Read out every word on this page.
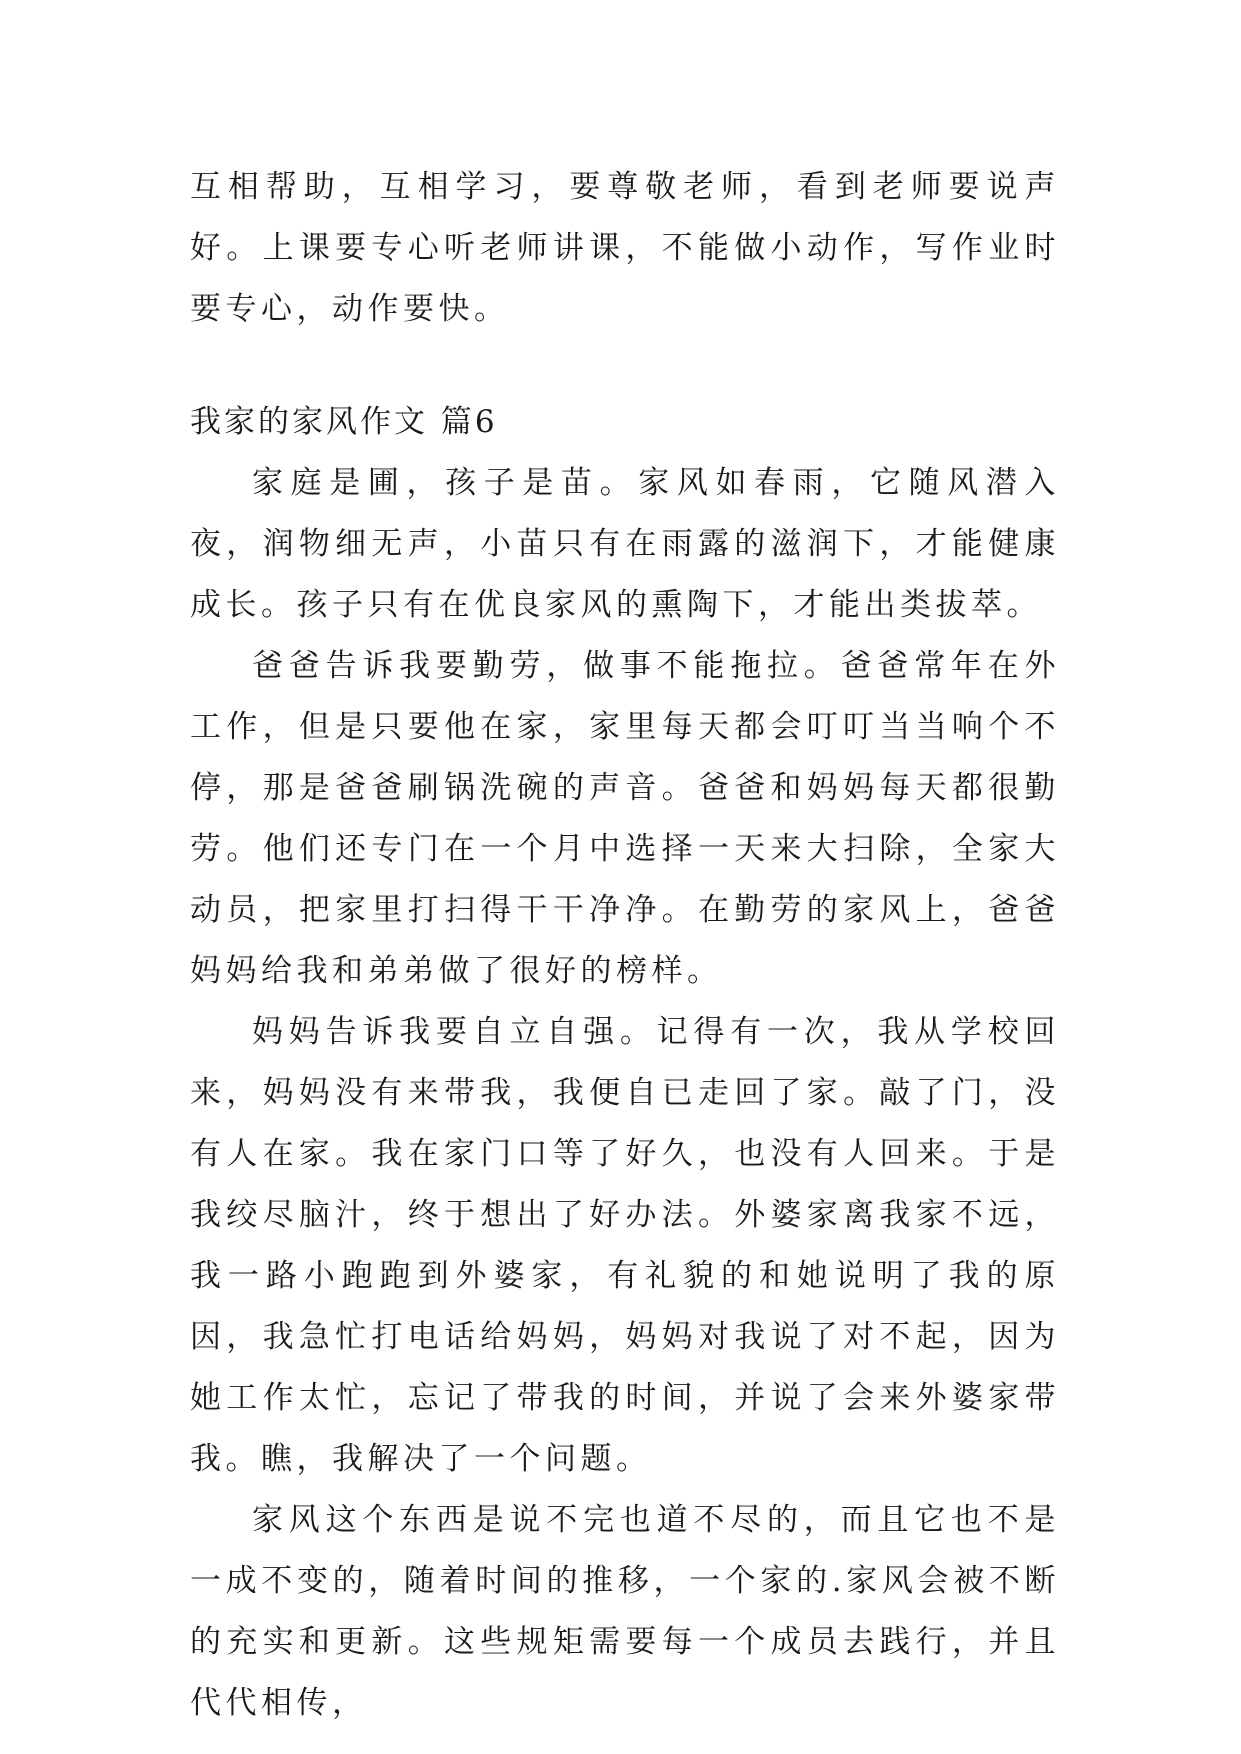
互相帮助，互相学习，要尊敬老师，看到老师要说声好。上课要专心听老师讲课，不能做小动作，写作业时要专心，动作要快。

我家的家风作文 篇6

家庭是圃，孩子是苗。家风如春雨，它随风潜入夜，润物细无声，小苗只有在雨露的滋润下，才能健康成长。孩子只有在优良家风的熏陶下，才能出类拔萃。

爸爸告诉我要勤劳，做事不能拖拉。爸爸常年在外工作，但是只要他在家，家里每天都会叮叮当当响个不停，那是爸爸刷锅洗碗的声音。爸爸和妈妈每天都很勤劳。他们还专门在一个月中选择一天来大扫除，全家大动员，把家里打扫得干干净净。在勤劳的家风上，爸爸妈妈给我和弟弟做了很好的榜样。

妈妈告诉我要自立自强。记得有一次，我从学校回来，妈妈没有来带我，我便自已走回了家。敲了门，没有人在家。我在家门口等了好久，也没有人回来。于是我绞尽脑汁，终于想出了好办法。外婆家离我家不远，我一路小跑跑到外婆家，有礼貌的和她说明了我的原因，我急忙打电话给妈妈，妈妈对我说了对不起，因为她工作太忙，忘记了带我的时间，并说了会来外婆家带我。瞧，我解决了一个问题。

家风这个东西是说不完也道不尽的，而且它也不是一成不变的，随着时间的推移，一个家的.家风会被不断的充实和更新。这些规矩需要每一个成员去践行，并且代代相传，
